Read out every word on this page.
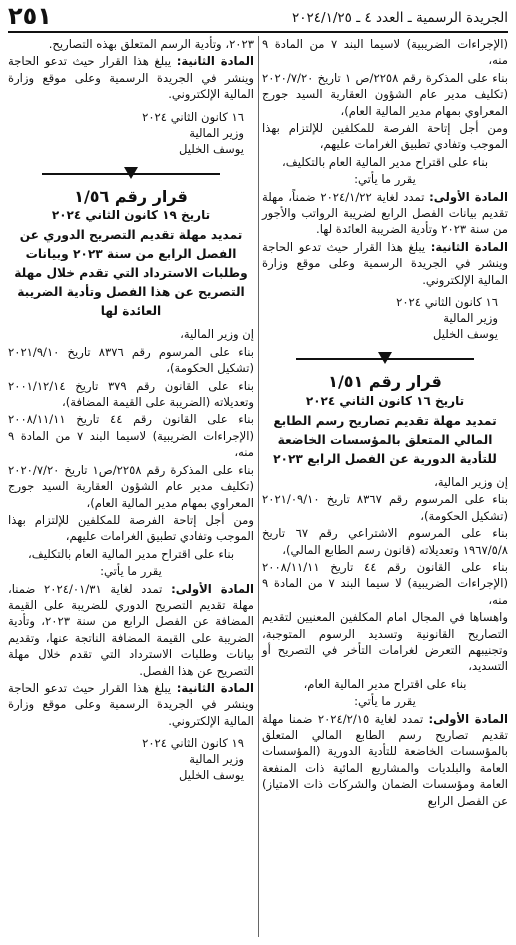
الجريدة الرسمية ـ العدد ٤ ـ ٢٠٢٤/١/٢٥
٢٥١

(الإجراءات الضريبية) لاسيما البند ٧ من المادة ٩ منه،

بناء على المذكرة رقم ٢٢٥٨/ص ١ تاريخ ٢٠٢٠/٧/٢٠ (تكليف مدير عام الشؤون العقارية السيد جورج المعراوي بمهام مدير المالية العام)،

ومن أجل إتاحة الفرصة للمكلفين للإلتزام بهذا الموجب وتفادي تطبيق الغرامات عليهم،

بناء على اقتراح مدير المالية العام بالتكليف،

يقرر ما يأتي:

المادة الأولى: تمدد لغاية ٢٠٢٤/١/٢٢ ضمناً، مهلة تقديم بيانات الفصل الرابع لضريبة الرواتب والأجور من سنة ٢٠٢٣ وتأدية الضريبة العائدة لها.

المادة الثانية: يبلغ هذا القرار حيث تدعو الحاجة وينشر في الجريدة الرسمية وعلى موقع وزارة المالية الإلكتروني.

١٦ كانون الثاني ٢٠٢٤
وزير المالية
يوسف الخليل
قرار رقم ١/٥١
تاريخ ١٦ كانون الثاني ٢٠٢٤
تمديد مهلة تقديم تصاريح رسم الطابع المالي المتعلق بالمؤسسات الخاضعة للتأدية الدورية عن الفصل الرابع ٢٠٢٣

إن وزير المالية،

بناء على المرسوم رقم ٨٣٦٧ تاريخ ٢٠٢١/٠٩/١٠ (تشكيل الحكومة)،

بناء على المرسوم الاشتراعي رقم ٦٧ تاريخ ١٩٦٧/٥/٨ وتعديلاته (قانون رسم الطابع المالي)،

بناء على القانون رقم ٤٤ تاريخ ٢٠٠٨/١١/١١ (الإجراءات الضريبية) لا سيما البند ٧ من المادة ٩ منه،

واهساها في المجال امام المكلفين المعنيين لتقديم التصاريح القانونية وتسديد الرسوم المتوجبة، وتجنيبهم التعرض لغرامات التأخر في التصريح أو التسديد،

بناء على اقتراح مدير المالية العام،

يقرر ما يأتي:

المادة الأولى: تمدد لغاية ٢٠٢٤/٢/١٥ ضمنا مهلة تقديم تصاريح رسم الطابع المالي المتعلق بالمؤسسات الخاضعة للتأدية الدورية (المؤسسات العامة والبلديات والمشاريع المائية ذات المنفعة العامة ومؤسسات الضمان والشركات ذات الامتياز) عن الفصل الرابع

٢٠٢٣، وتأدية الرسم المتعلق بهذه التصاريح.

المادة الثانية: يبلغ هذا القرار حيث تدعو الحاجة وينشر في الجريدة الرسمية وعلى موقع وزارة المالية الإلكتروني.

١٦ كانون الثاني ٢٠٢٤
وزير المالية
يوسف الخليل
قرار رقم ١/٥٦
تاريخ ١٩ كانون الثاني ٢٠٢٤
تمديد مهلة تقديم التصريح الدوري عن الفصل الرابع من سنة ٢٠٢٣ وبيانات وطلبات الاسترداد التي تقدم خلال مهلة التصريح عن هذا الفصل وتأدية الضريبة العائدة لها

إن وزير المالية،

بناء على المرسوم رقم ٨٣٧٦ تاريخ ٢٠٢١/٩/١٠ (تشكيل الحكومة)،

بناء على القانون رقم ٣٧٩ تاريخ ٢٠٠١/١٢/١٤ وتعديلاته (الضريبة على القيمة المضافة)،

بناء على القانون رقم ٤٤ تاريخ ٢٠٠٨/١١/١١ (الإجراءات الضريبية) لاسيما البند ٧ من المادة ٩ منه،

بناء على المذكرة رقم ٢٢٥٨/ص١ تاريخ ٢٠٢٠/٧/٢٠ (تكليف مدير عام الشؤون العقارية السيد جورج المعراوي بمهام مدير المالية العام)،

ومن أجل إتاحة الفرصة للمكلفين للإلتزام بهذا الموجب وتفادي تطبيق الغرامات عليهم،

بناء على اقتراح مدير المالية العام بالتكليف،

يقرر ما يأتي:

المادة الأولى: تمدد لغاية ٢٠٢٤/٠١/٣١ ضمنا، مهلة تقديم التصريح الدوري للضريبة على القيمة المضافة عن الفصل الرابع من سنة ٢٠٢٣، وتأدية الضريبة على القيمة المضافة الناتجة عنها، وتقديم بيانات وطلبات الاسترداد التي تقدم خلال مهلة التصريح عن هذا الفصل.

المادة الثانية: يبلغ هذا القرار حيث تدعو الحاجة وينشر في الجريدة الرسمية وعلى موقع وزارة المالية الإلكتروني.

١٩ كانون الثاني ٢٠٢٤
وزير المالية
يوسف الخليل
